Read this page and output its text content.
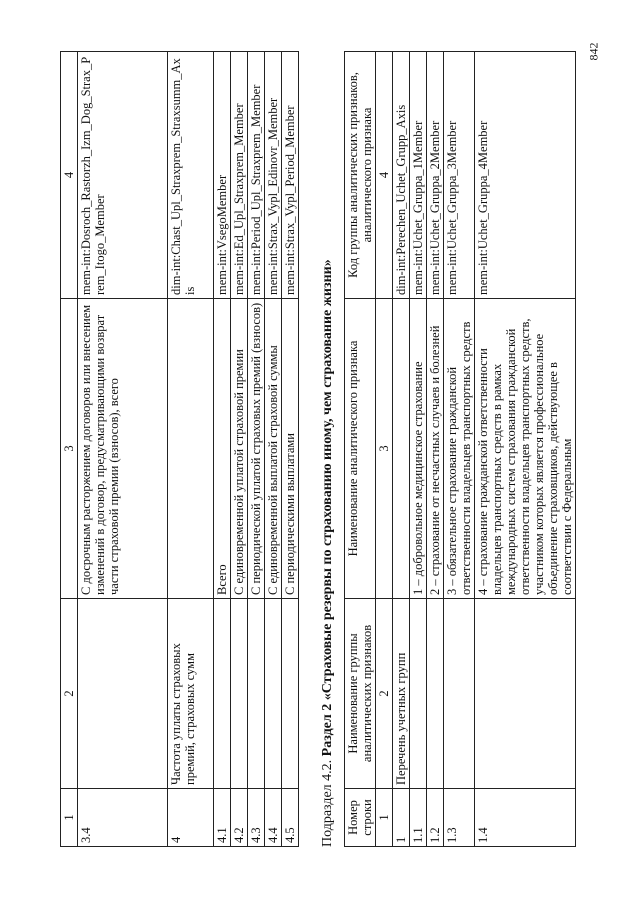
1	2	3	4
3.4		С досрочным расторжением договоров или внесением изменений в договор, предусматривающими возврат части страховой премии (взносов), всего	mem-int:Dosroch_Rastorzh_Izm_Dog_Strax_Prem_Itogo_Member
4	Частота уплаты страховых премий, страховых сумм		dim-int:Chast_Upl_Straxprem_Straxsumm_Axis
4.1		Всего	mem-int:VsegoMember
4.2		С единовременной уплатой страховой премии	mem-int:Ed_Upl_Straxprem_Member
4.3		С периодической уплатой страховых премий (взносов)	mem-int:Period_Upl_Straxprem_Member
4.4		С единовременной выплатой страховой суммы	mem-int:Strax_Vypl_Edinovr_Member
4.5		С периодическими выплатами	mem-int:Strax_Vypl_Period_Member
Подраздел 4.2. Раздел 2 «Страховые резервы по страхованию иному, чем страхование жизни»
Номер строки	Наименование группы аналитических признаков	Наименование аналитического признака	Код группы аналитических признаков, аналитического признака
1	2	3	4
1	Перечень учетных групп		dim-int:Perechen_Uchet_Grupp_Axis
1.1		1 – добровольное медицинское страхование	mem-int:Uchet_Gruppa_1Member
1.2		2 – страхование от несчастных случаев и болезней	mem-int:Uchet_Gruppa_2Member
1.3		3 – обязательное страхование гражданской ответственности владельцев транспортных средств	mem-int:Uchet_Gruppa_3Member
1.4		4 – страхование гражданской ответственности владельцев транспортных средств в рамках международных систем страхования гражданской ответственности владельцев транспортных средств, участником которых является профессиональное объединение страховщиков, действующее в соответствии с Федеральным	mem-int:Uchet_Gruppa_4Member
842
